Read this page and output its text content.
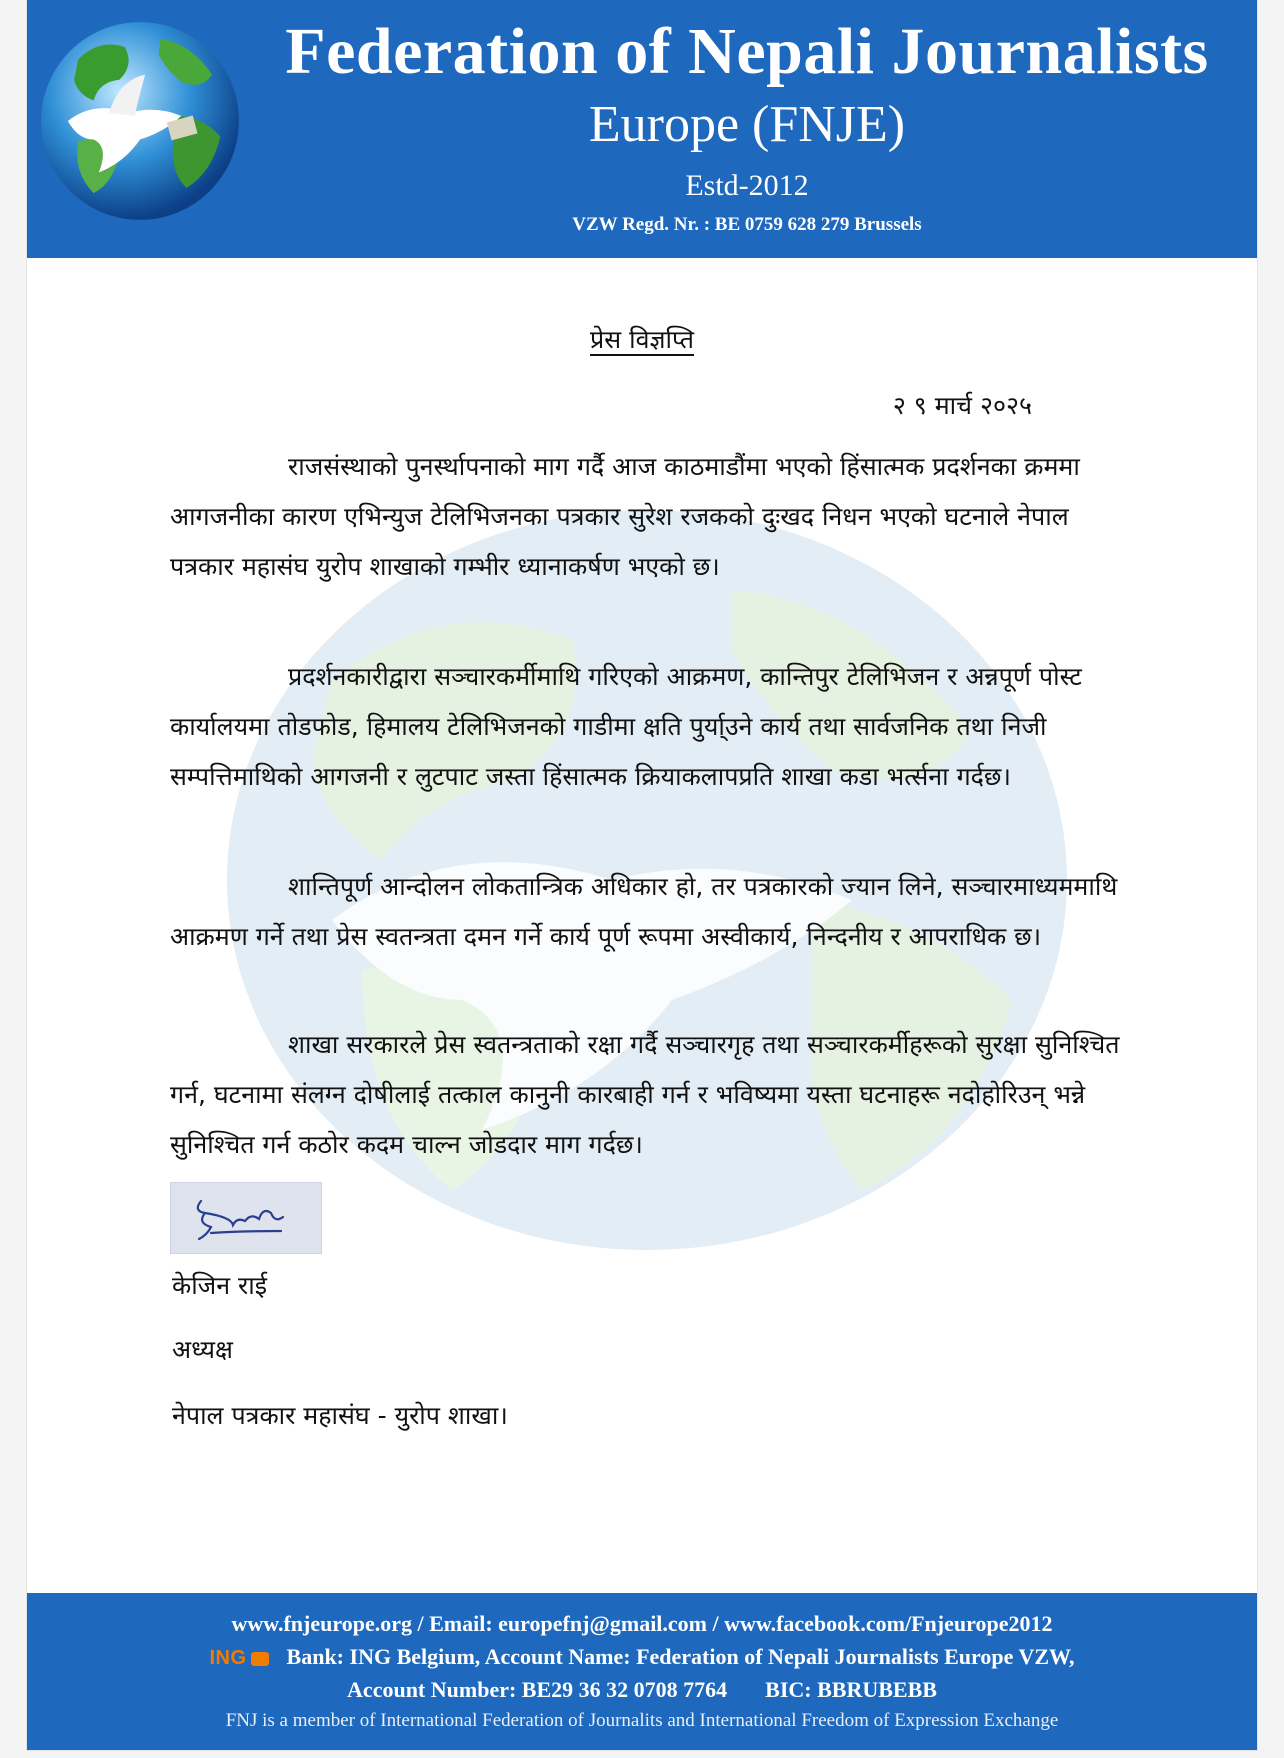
Federation of Nepali Journalists
Europe (FNJE)
Estd-2012
VZW Regd. Nr. : BE 0759 628 279 Brussels
प्रेस विज्ञप्ति
२ ९ मार्च २०२५
राजसंस्थाको पुनर्स्थापनाको माग गर्दै आज काठमाडौंमा भएको हिंसात्मक प्रदर्शनका क्रममा आगजनीका कारण एभिन्युज टेलिभिजनका पत्रकार सुरेश रजकको दुःखद निधन भएको घटनाले नेपाल पत्रकार महासंघ युरोप शाखाको गम्भीर ध्यानाकर्षण भएको छ।
प्रदर्शनकारीद्वारा सञ्चारकर्मीमाथि गरिएको आक्रमण, कान्तिपुर टेलिभिजन र अन्नपूर्ण पोस्ट कार्यालयमा तोडफोड, हिमालय टेलिभिजनको गाडीमा क्षति पुर्या्उने कार्य तथा सार्वजनिक तथा निजी सम्पत्तिमाथिको आगजनी र लुटपाट जस्ता हिंसात्मक क्रियाकलापप्रति शाखा कडा भर्त्सना गर्दछ।
शान्तिपूर्ण आन्दोलन लोकतान्त्रिक अधिकार हो, तर पत्रकारको ज्यान लिने, सञ्चारमाध्यममाथि आक्रमण गर्ने तथा प्रेस स्वतन्त्रता दमन गर्ने कार्य पूर्ण रूपमा अस्वीकार्य, निन्दनीय र आपराधिक छ।
शाखा सरकारले प्रेस स्वतन्त्रताको रक्षा गर्दै सञ्चारगृह तथा सञ्चारकर्मीहरूको सुरक्षा सुनिश्चित गर्न, घटनामा संलग्न दोषीलाई तत्काल कानुनी कारबाही गर्न र भविष्यमा यस्ता घटनाहरू नदोहोरिउन् भन्ने सुनिश्चित गर्न कठोर कदम चाल्न जोडदार माग गर्दछ।
केजिन राई
अध्यक्ष
नेपाल पत्रकार महासंघ - युरोप शाखा।
www.fnjeurope.org / Email: europefnj@gmail.com / www.facebook.com/Fnjeurope2012
ING Bank: ING Belgium, Account Name: Federation of Nepali Journalists Europe VZW,
Account Number: BE29 36 32 0708 7764 BIC: BBRUBEBB
FNJ is a member of International Federation of Journalits and International Freedom of Expression Exchange
